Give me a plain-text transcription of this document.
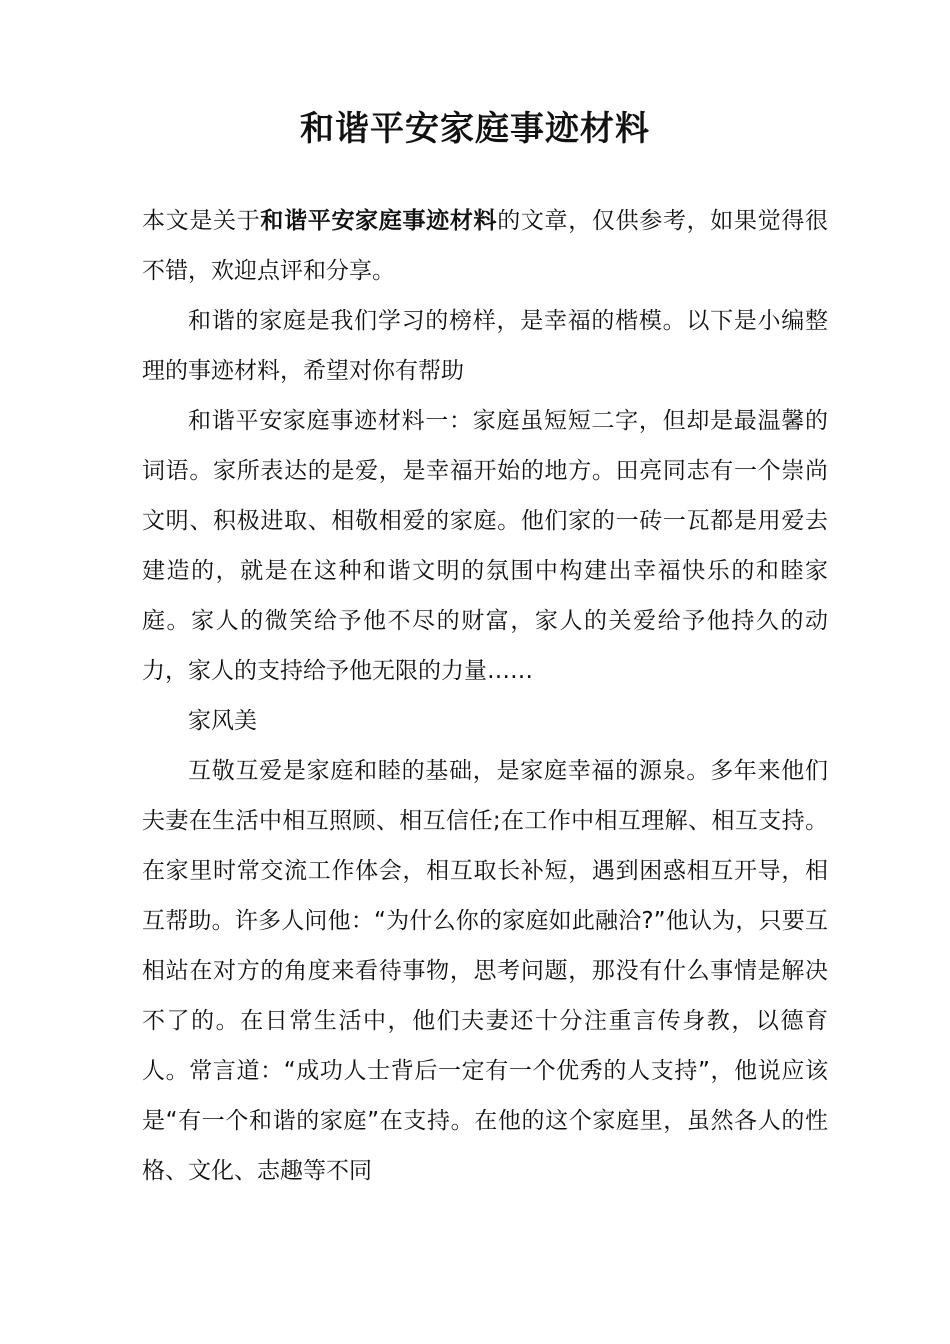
和谐平安家庭事迹材料

本文是关于和谐平安家庭事迹材料的文章，仅供参考，如果觉得很不错，欢迎点评和分享。

和谐的家庭是我们学习的榜样，是幸福的楷模。以下是小编整理的事迹材料，希望对你有帮助

和谐平安家庭事迹材料一：家庭虽短短二字，但却是最温馨的词语。家所表达的是爱，是幸福开始的地方。田亮同志有一个崇尚文明、积极进取、相敬相爱的家庭。他们家的一砖一瓦都是用爱去建造的，就是在这种和谐文明的氛围中构建出幸福快乐的和睦家庭。家人的微笑给予他不尽的财富，家人的关爱给予他持久的动力，家人的支持给予他无限的力量……

家风美

互敬互爱是家庭和睦的基础，是家庭幸福的源泉。多年来他们夫妻在生活中相互照顾、相互信任;在工作中相互理解、相互支持。在家里时常交流工作体会，相互取长补短，遇到困惑相互开导，相互帮助。许多人问他：“为什么你的家庭如此融洽?”他认为，只要互相站在对方的角度来看待事物，思考问题，那没有什么事情是解决不了的。在日常生活中，他们夫妻还十分注重言传身教，以德育人。常言道：“成功人士背后一定有一个优秀的人支持”，他说应该是“有一个和谐的家庭”在支持。在他的这个家庭里，虽然各人的性格、文化、志趣等不同
